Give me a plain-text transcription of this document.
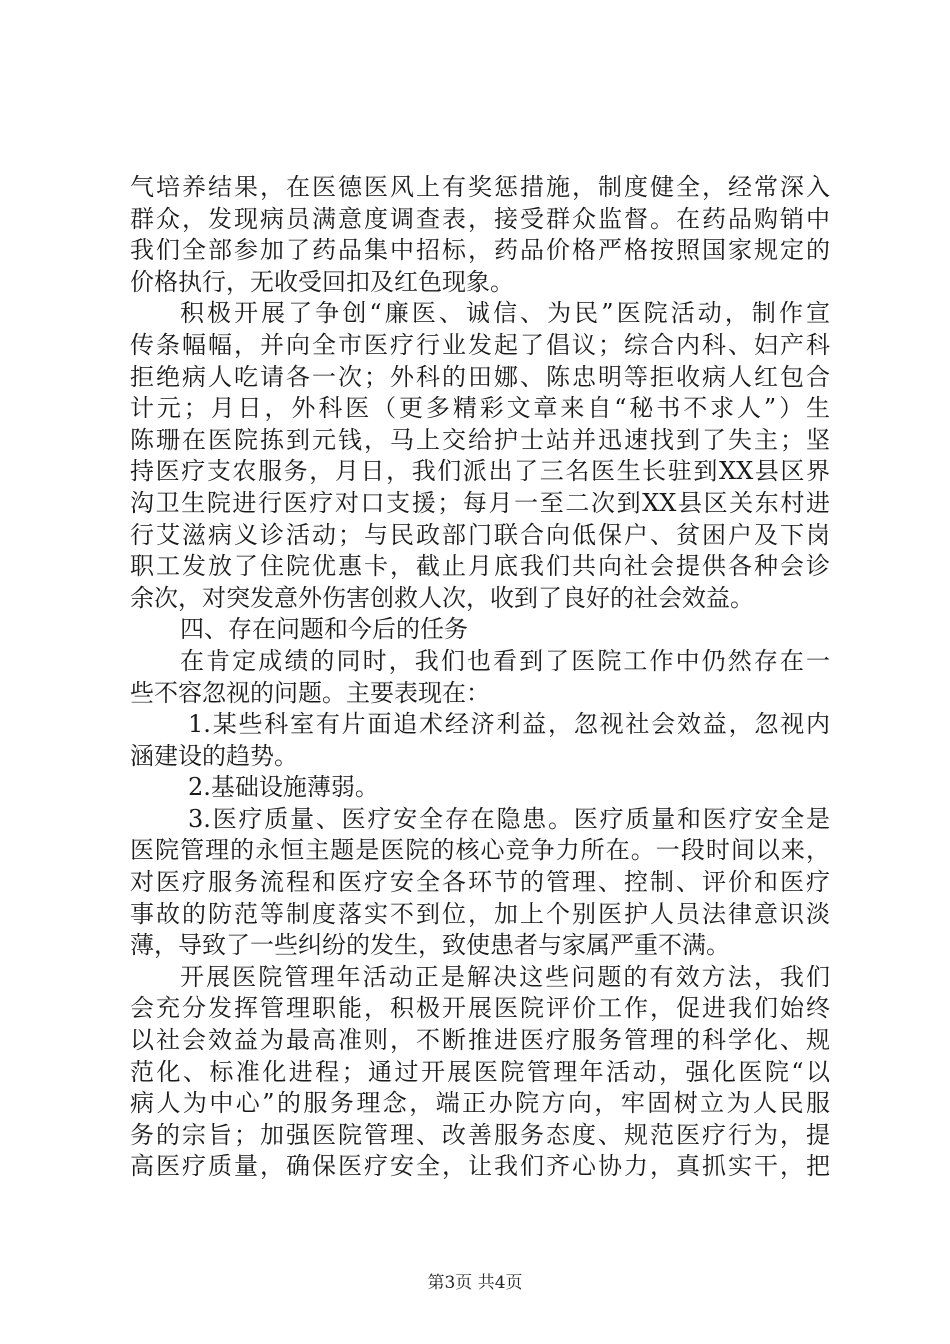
气培养结果，在医德医风上有奖惩措施，制度健全，经常深入
群众，发现病员满意度调查表，接受群众监督。在药品购销中
我们全部参加了药品集中招标，药品价格严格按照国家规定的
价格执行，无收受回扣及红色现象。
积极开展了争创“廉医、诚信、为民”医院活动，制作宣
传条幅幅，并向全市医疗行业发起了倡议；综合内科、妇产科
拒绝病人吃请各一次；外科的田娜、陈忠明等拒收病人红包合
计元；月日，外科医（更多精彩文章来自“秘书不求人”）生
陈珊在医院拣到元钱，马上交给护士站并迅速找到了失主；坚
持医疗支农服务，月日，我们派出了三名医生长驻到XX县区界
沟卫生院进行医疗对口支援；每月一至二次到XX县区关东村进
行艾滋病义诊活动；与民政部门联合向低保户、贫困户及下岗
职工发放了住院优惠卡，截止月底我们共向社会提供各种会诊
余次，对突发意外伤害创救人次，收到了良好的社会效益。
四、存在问题和今后的任务
在肯定成绩的同时，我们也看到了医院工作中仍然存在一
些不容忽视的问题。主要表现在：
1.某些科室有片面追术经济利益，忽视社会效益，忽视内
涵建设的趋势。
2.基础设施薄弱。
3.医疗质量、医疗安全存在隐患。医疗质量和医疗安全是
医院管理的永恒主题是医院的核心竞争力所在。一段时间以来，
对医疗服务流程和医疗安全各环节的管理、控制、评价和医疗
事故的防范等制度落实不到位，加上个别医护人员法律意识淡
薄，导致了一些纠纷的发生，致使患者与家属严重不满。
开展医院管理年活动正是解决这些问题的有效方法，我们
会充分发挥管理职能，积极开展医院评价工作，促进我们始终
以社会效益为最高准则，不断推进医疗服务管理的科学化、规
范化、标准化进程；通过开展医院管理年活动，强化医院“以
病人为中心”的服务理念，端正办院方向，牢固树立为人民服
务的宗旨；加强医院管理、改善服务态度、规范医疗行为，提
高医疗质量，确保医疗安全，让我们齐心协力，真抓实干，把
第3页 共4页
